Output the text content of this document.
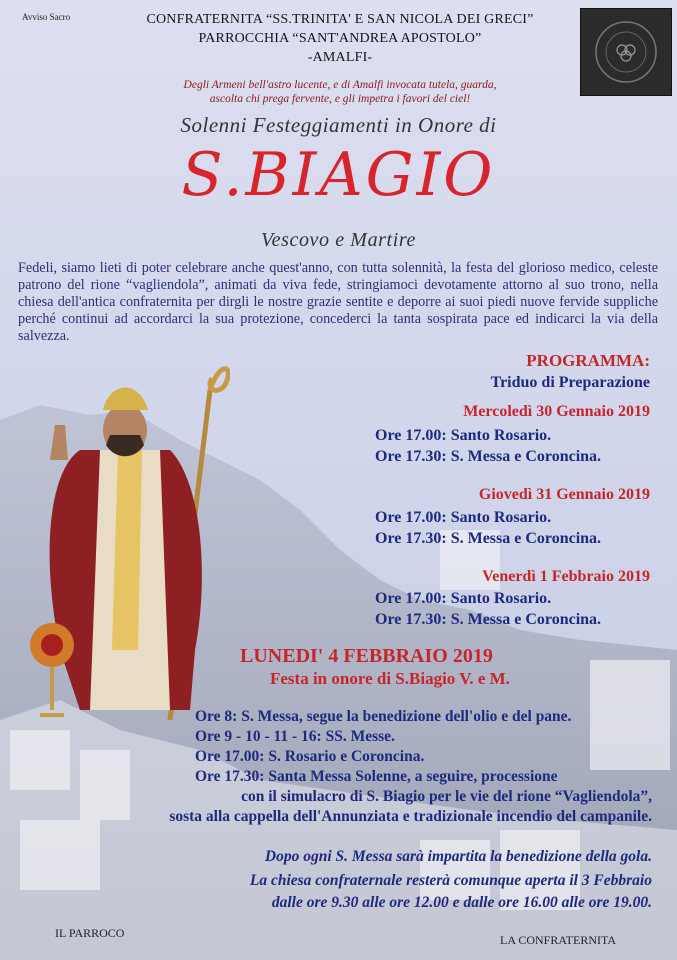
Avviso Sacro	CONFRATERNITA “SS.TRINITA' E SAN NICOLA DEI GRECI”
PARROCCHIA “SANT'ANDREA APOSTOLO”
-AMALFI-
Degli Armeni bell'astro lucente, e di Amalfi invocata tutela, guarda,
ascolta chi prega fervente, e gli impetra i favori del ciel!
Solenni Festeggiamenti in Onore di
S.BIAGIO
Vescovo e Martire
Fedeli, siamo lieti di poter celebrare anche quest'anno, con tutta solennità, la festa del glorioso medico, celeste patrono del rione “vagliendola”, animati da viva fede, stringiamoci devotamente attorno al suo trono, nella chiesa dell'antica confraternita per dirgli le nostre grazie sentite e deporre ai suoi piedi nuove fervide suppliche perché continui ad accordarci la sua protezione, concederci la tanta sospirata pace ed indicarci la via della salvezza.
PROGRAMMA:
Triduo di Preparazione
Mercoledì 30 Gennaio 2019
Ore 17.00: Santo Rosario.
Ore 17.30: S. Messa e Coroncina.
Giovedì 31 Gennaio 2019
Ore 17.00: Santo Rosario.
Ore 17.30: S. Messa e Coroncina.
Venerdì 1 Febbraio 2019
Ore 17.00: Santo Rosario.
Ore 17.30: S. Messa e Coroncina.
LUNEDI' 4 FEBBRAIO 2019
Festa in onore di S.Biagio V. e M.
Ore 8: S. Messa, segue la benedizione dell'olio e del pane.
Ore 9 - 10 - 11 - 16: SS. Messe.
Ore 17.00: S. Rosario e Coroncina.
Ore 17.30: Santa Messa Solenne, a seguire, processione
con il simulacro di S. Biagio per le vie del rione “Vagliendola”,
sosta alla cappella dell'Annunziata e tradizionale incendio del campanile.
Dopo ogni S. Messa sarà impartita la benedizione della gola.
La chiesa confraternale resterà comunque aperta il 3 Febbraio
dalle ore 9.30 alle ore 12.00 e dalle ore 16.00 alle ore 19.00.
IL PARROCO	LA CONFRATERNITA
